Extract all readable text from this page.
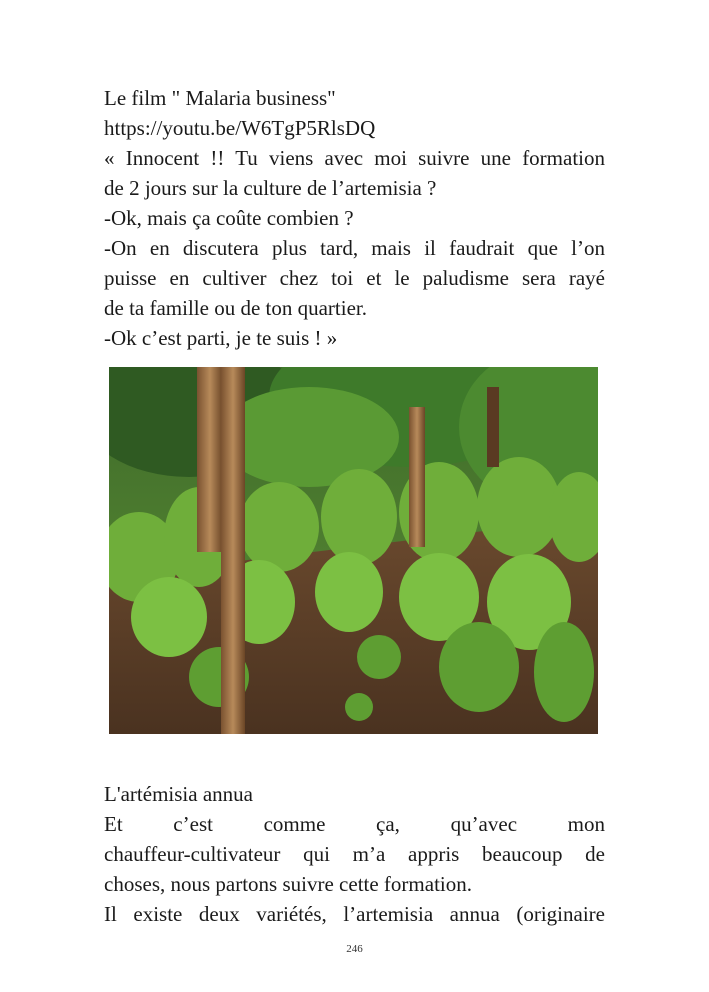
Le film " Malaria business"
https://youtu.be/W6TgP5RlsDQ
« Innocent !! Tu viens avec moi suivre une formation
de 2 jours sur la culture de l’artemisia ?
-Ok, mais ça coûte combien ?
-On en discutera plus tard, mais il faudrait que l’on
puisse en cultiver chez toi et le paludisme sera rayé
de ta famille ou de ton quartier.
-Ok c’est parti, je te suis ! »
L'artémisia annua
Et c’est comme ça, qu’avec mon
chauffeur-cultivateur qui m’a appris beaucoup de
choses, nous partons suivre cette formation.
Il existe deux variétés, l’artemisia annua (originaire
246
